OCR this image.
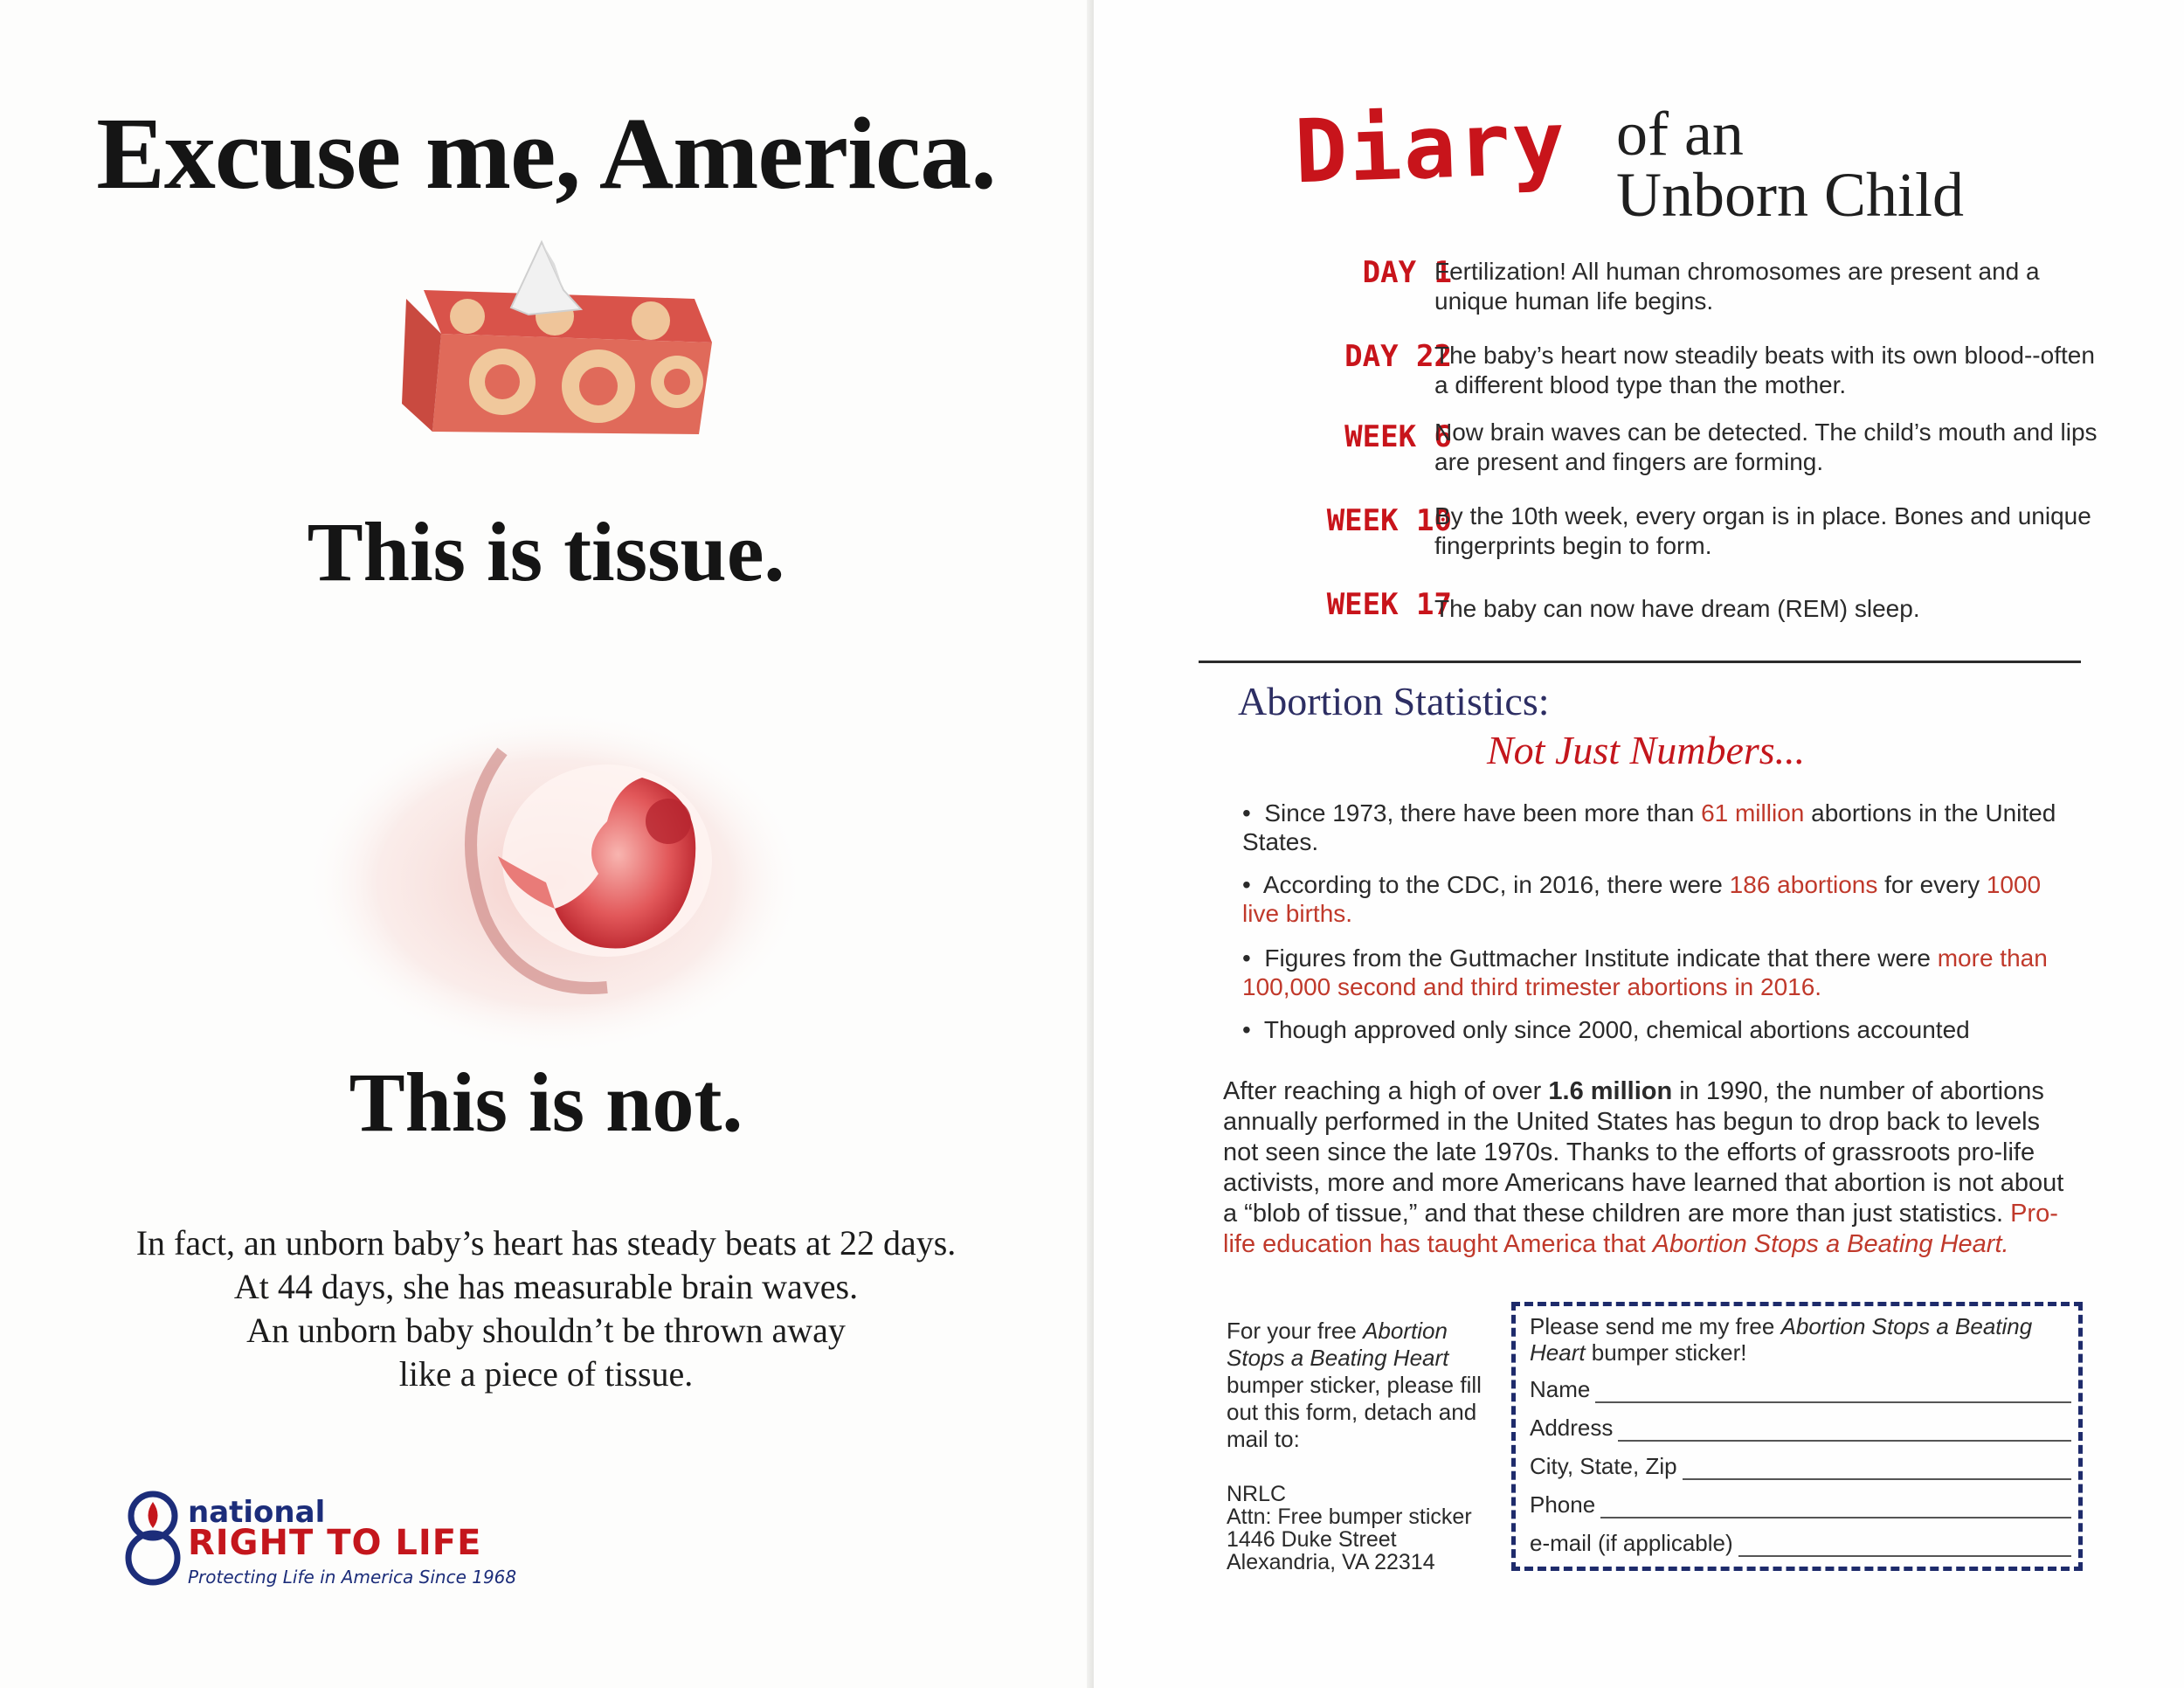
Excuse me, America.
This is tissue.
This is not.
In fact, an unborn baby’s heart has steady beats at 22 days.
At 44 days, she has measurable brain waves.
An unborn baby shouldn’t be thrown away
like a piece of tissue.
national
RIGHT TO LIFE
Protecting Life in America Since 1968
Diary of an
Unborn Child
DAY 1
Fertilization! All human chromosomes are present and a unique human life begins.
DAY 22
The baby’s heart now steadily beats with its own blood--often a different blood type than the mother.
WEEK 6
Now brain waves can be detected. The child’s mouth and lips are present and fingers are forming.
WEEK 10
By the 10th week, every organ is in place. Bones and unique fingerprints begin to form.
WEEK 17
The baby can now have dream (REM) sleep.
Abortion Statistics:
Not Just Numbers...
•  Since 1973, there have been more than 61 million abortions in the United States.
•  According to the CDC, in 2016, there were 186 abortions for every 1000 live births.
•  Figures from the Guttmacher Institute indicate that there were more than 100,000 second and third trimester abortions in 2016.
•  Though approved only since 2000, chemical abortions accounted
After reaching a high of over 1.6 million in 1990, the number of abortions annually performed in the United States has begun to drop back to levels not seen since the late 1970s. Thanks to the efforts of grassroots pro-life activists, more and more Americans have learned that abortion is not about a “blob of tissue,” and that these children are more than just statistics. Pro-life education has taught America that Abortion Stops a Beating Heart.
For your free Abortion Stops a Beating Heart bumper sticker, please fill out this form, detach and mail to:
NRLC
Attn: Free bumper sticker
1446 Duke Street
Alexandria, VA 22314
Please send me my free Abortion Stops a Beating Heart bumper sticker!
Name
Address
City, State, Zip
Phone
e-mail (if applicable)
